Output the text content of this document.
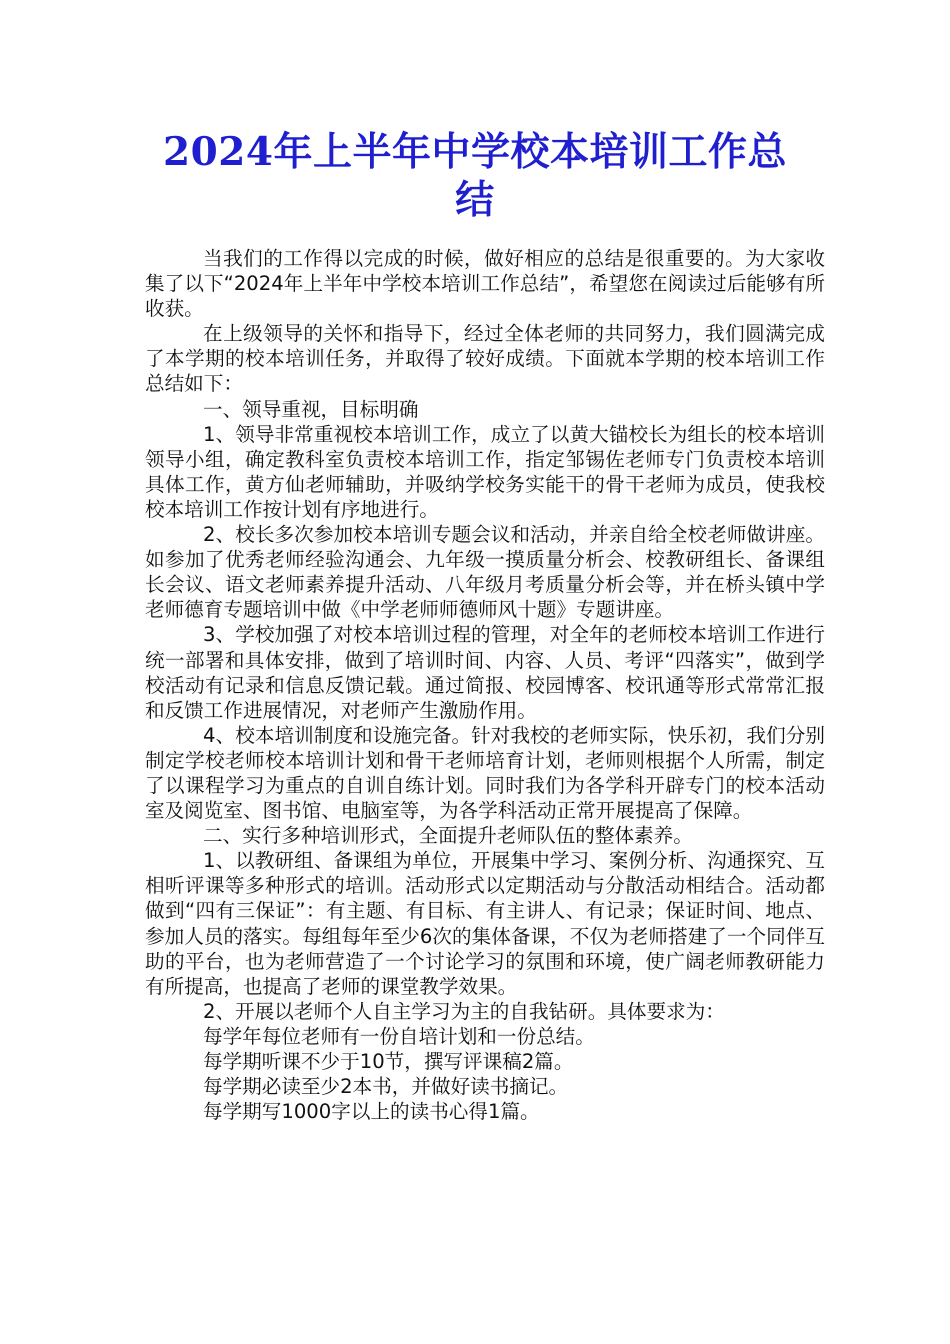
2024年上半年中学校本培训工作总结

当我们的工作得以完成的时候，做好相应的总结是很重要的。为大家收集了以下“2024年上半年中学校本培训工作总结”，希望您在阅读过后能够有所收获。

在上级领导的关怀和指导下，经过全体老师的共同努力，我们圆满完成了本学期的校本培训任务，并取得了较好成绩。下面就本学期的校本培训工作总结如下：

一、领导重视，目标明确

1、领导非常重视校本培训工作，成立了以黄大锚校长为组长的校本培训领导小组，确定教科室负责校本培训工作，指定邹锡佐老师专门负责校本培训具体工作，黄方仙老师辅助，并吸纳学校务实能干的骨干老师为成员，使我校校本培训工作按计划有序地进行。

2、校长多次参加校本培训专题会议和活动，并亲自给全校老师做讲座。如参加了优秀老师经验沟通会、九年级一摸质量分析会、校教研组长、备课组长会议、语文老师素养提升活动、八年级月考质量分析会等，并在桥头镇中学老师德育专题培训中做《中学老师师德师风十题》专题讲座。

3、学校加强了对校本培训过程的管理，对全年的老师校本培训工作进行统一部署和具体安排，做到了培训时间、内容、人员、考评“四落实”，做到学校活动有记录和信息反馈记载。通过简报、校园博客、校讯通等形式常常汇报和反馈工作进展情况，对老师产生激励作用。

4、校本培训制度和设施完备。针对我校的老师实际，快乐初，我们分别制定学校老师校本培训计划和骨干老师培育计划，老师则根据个人所需，制定了以课程学习为重点的自训自练计划。同时我们为各学科开辟专门的校本活动室及阅览室、图书馆、电脑室等，为各学科活动正常开展提高了保障。

二、实行多种培训形式，全面提升老师队伍的整体素养。

1、以教研组、备课组为单位，开展集中学习、案例分析、沟通探究、互相听评课等多种形式的培训。活动形式以定期活动与分散活动相结合。活动都做到“四有三保证”：有主题、有目标、有主讲人、有记录；保证时间、地点、参加人员的落实。每组每年至少6次的集体备课，不仅为老师搭建了一个同伴互助的平台，也为老师营造了一个讨论学习的氛围和环境，使广阔老师教研能力有所提高，也提高了老师的课堂教学效果。

2、开展以老师个人自主学习为主的自我钻研。具体要求为：

每学年每位老师有一份自培计划和一份总结。

每学期听课不少于10节，撰写评课稿2篇。

每学期必读至少2本书，并做好读书摘记。

每学期写1000字以上的读书心得1篇。
